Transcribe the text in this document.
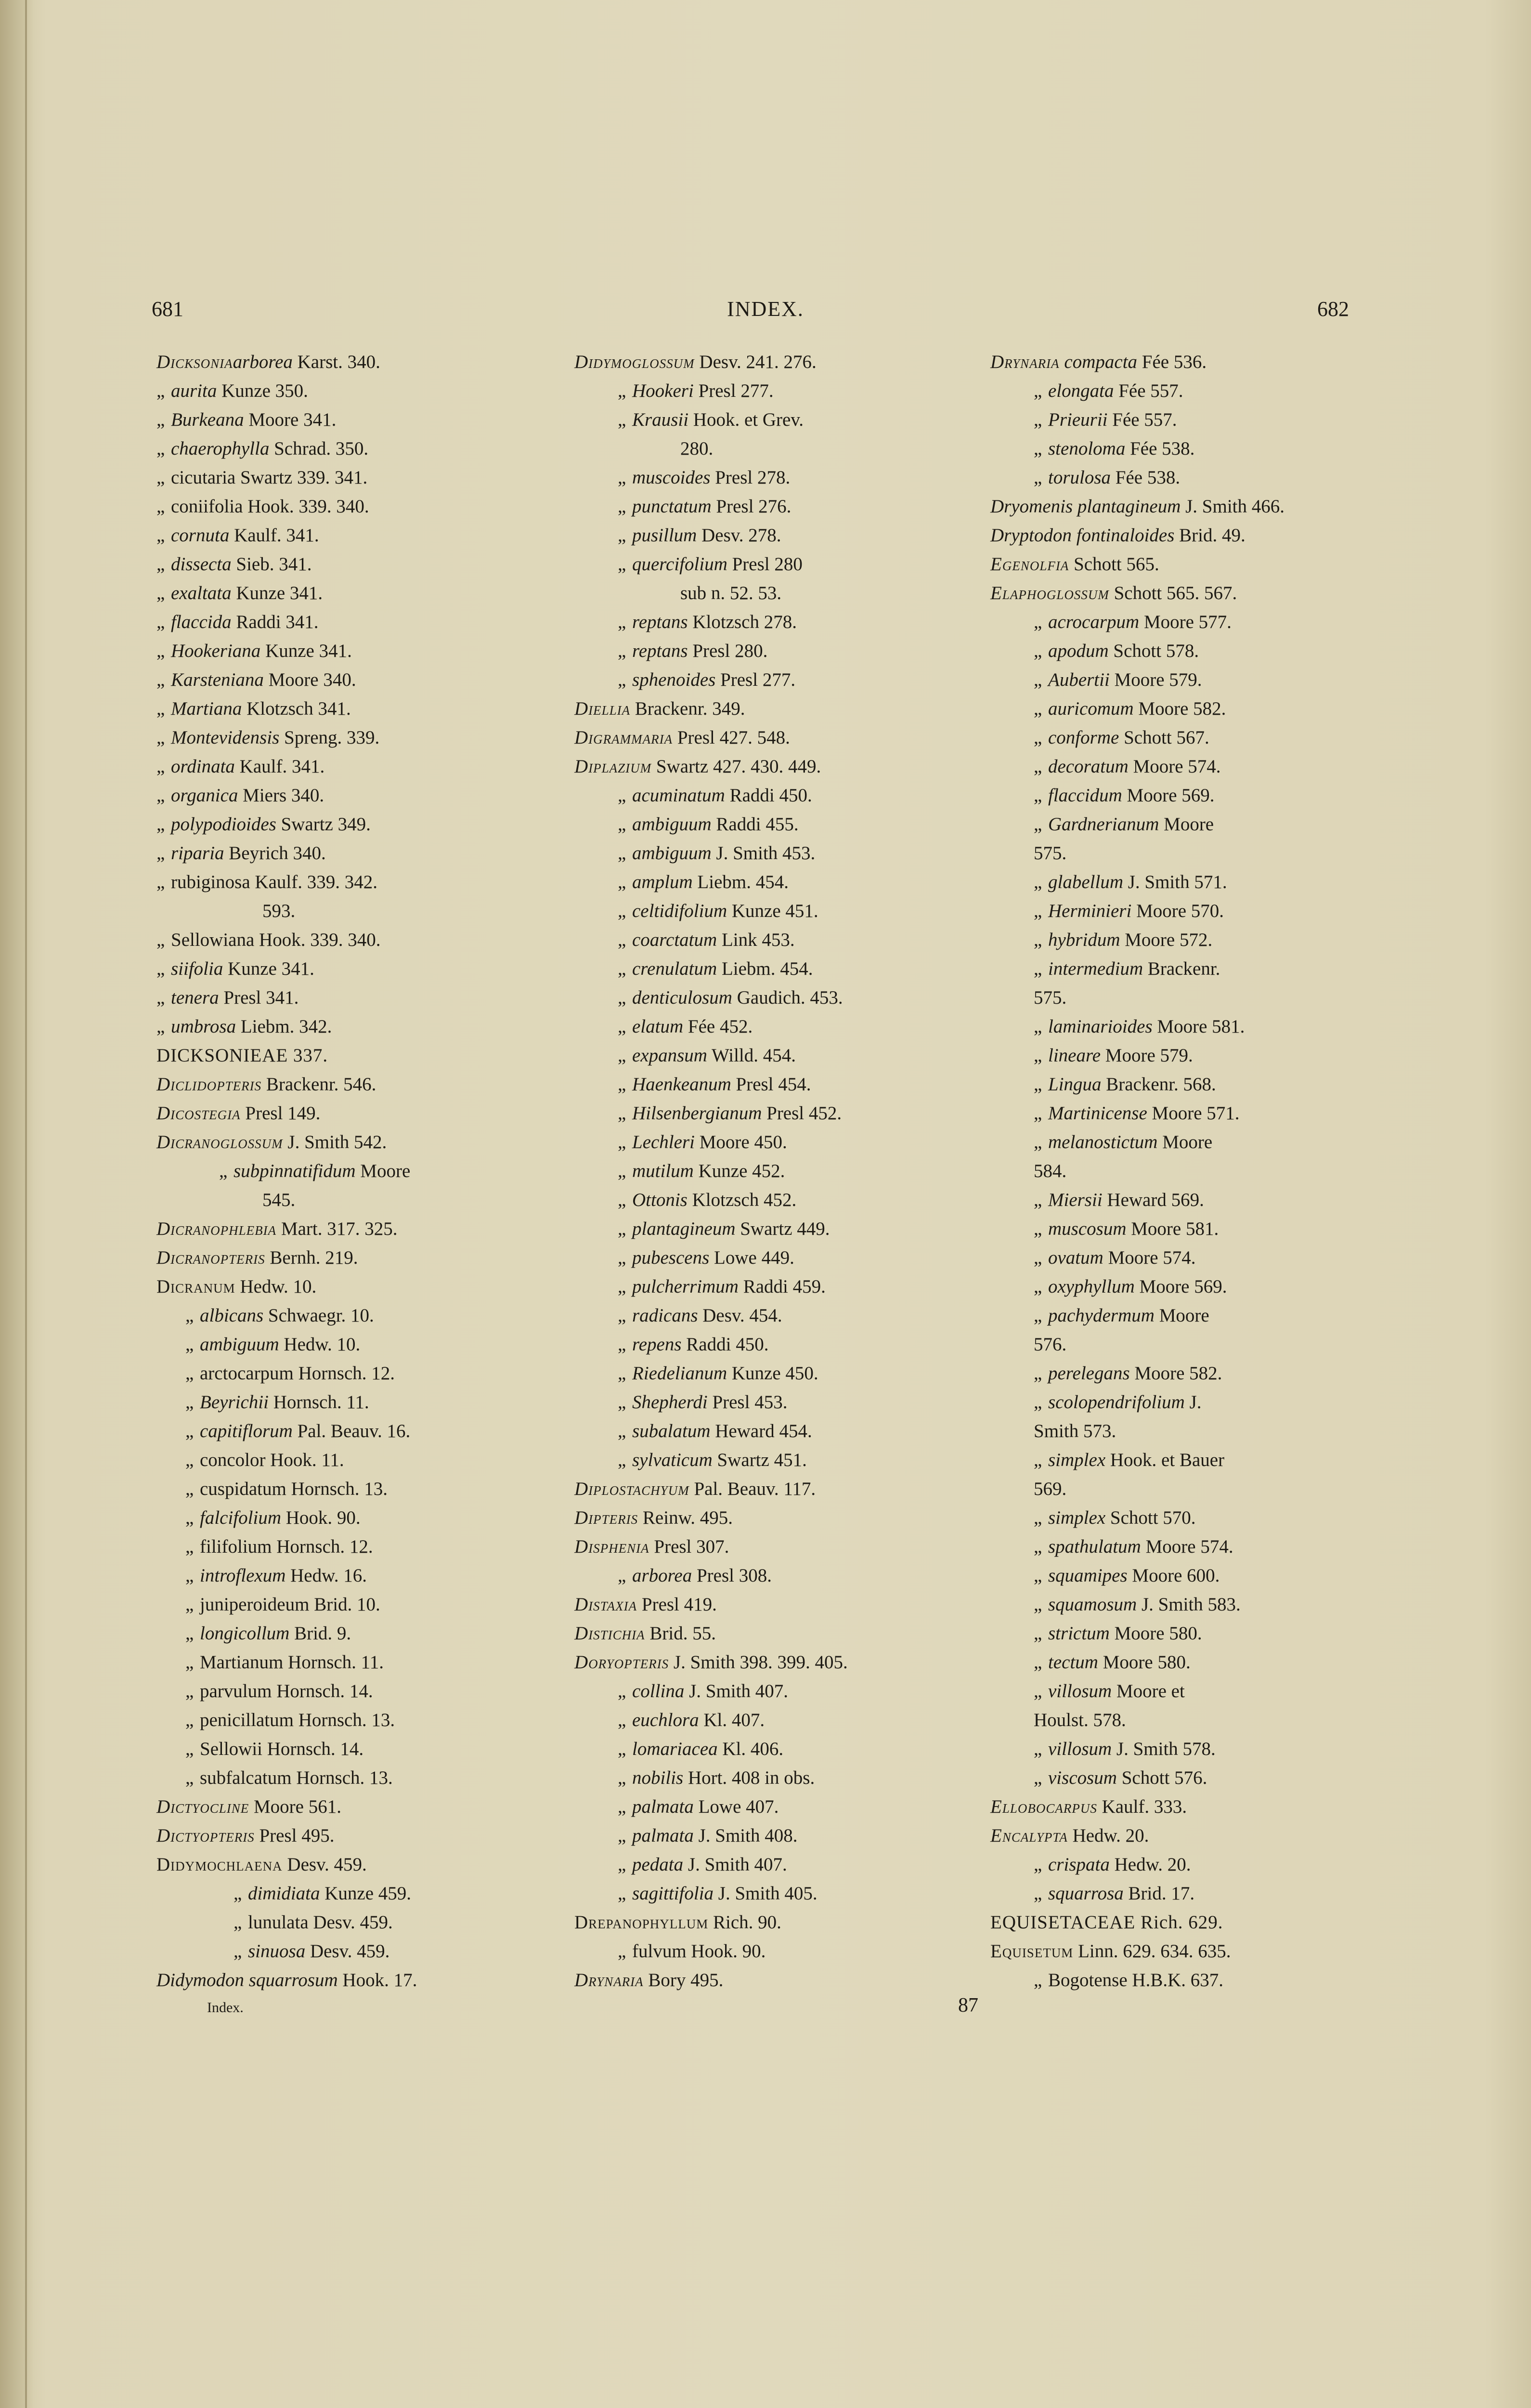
681	INDEX.	682
Dicksoniaarborea Karst. 340.
„ aurita Kunze 350.
„ Burkeana Moore 341.
„ chaerophylla Schrad. 350.
„ cicutaria Swartz 339. 341.
„ coniifolia Hook. 339. 340.
„ cornuta Kaulf. 341.
„ dissecta Sieb. 341.
„ exaltata Kunze 341.
„ flaccida Raddi 341.
„ Hookeriana Kunze 341.
„ Karsteniana Moore 340.
„ Martiana Klotzsch 341.
„ Montevidensis Spreng. 339.
„ ordinata Kaulf. 341.
„ organica Miers 340.
„ polypodioides Swartz 349.
„ riparia Beyrich 340.
„ rubiginosa Kaulf. 339. 342.
593.
„ Sellowiana Hook. 339. 340.
„ siifolia Kunze 341.
„ tenera Presl 341.
„ umbrosa Liebm. 342.
DICKSONIEAE 337.
Diclidopteris Brackenr. 546.
Dicostegia Presl 149.
Dicranoglossum J. Smith 542.
„ subpinnatifidum Moore
545.
Dicranophlebia Mart. 317. 325.
Dicranopteris Bernh. 219.
Dicranum Hedw. 10.
„ albicans Schwaegr. 10.
„ ambiguum Hedw. 10.
„ arctocarpum Hornsch. 12.
„ Beyrichii Hornsch. 11.
„ capitiflorum Pal. Beauv. 16.
„ concolor Hook. 11.
„ cuspidatum Hornsch. 13.
„ falcifolium Hook. 90.
„ filifolium Hornsch. 12.
„ introflexum Hedw. 16.
„ juniperoideum Brid. 10.
„ longicollum Brid. 9.
„ Martianum Hornsch. 11.
„ parvulum Hornsch. 14.
„ penicillatum Hornsch. 13.
„ Sellowii Hornsch. 14.
„ subfalcatum Hornsch. 13.
Dictyocline Moore 561.
Dictyopteris Presl 495.
Didymochlaena Desv. 459.
„ dimidiata Kunze 459.
„ lunulata Desv. 459.
„ sinuosa Desv. 459.
Didymodon squarrosum Hook. 17.
Didymoglossum Desv. 241. 276.
„ Hookeri Presl 277.
„ Krausii Hook. et Grev.
280.
„ muscoides Presl 278.
„ punctatum Presl 276.
„ pusillum Desv. 278.
„ quercifolium Presl 280
sub n. 52. 53.
„ reptans Klotzsch 278.
„ reptans Presl 280.
„ sphenoides Presl 277.
Diellia Brackenr. 349.
Digrammaria Presl 427. 548.
Diplazium Swartz 427. 430. 449.
„ acuminatum Raddi 450.
„ ambiguum Raddi 455.
„ ambiguum J. Smith 453.
„ amplum Liebm. 454.
„ celtidifolium Kunze 451.
„ coarctatum Link 453.
„ crenulatum Liebm. 454.
„ denticulosum Gaudich. 453.
„ elatum Fée 452.
„ expansum Willd. 454.
„ Haenkeanum Presl 454.
„ Hilsenbergianum Presl 452.
„ Lechleri Moore 450.
„ mutilum Kunze 452.
„ Ottonis Klotzsch 452.
„ plantagineum Swartz 449.
„ pubescens Lowe 449.
„ pulcherrimum Raddi 459.
„ radicans Desv. 454.
„ repens Raddi 450.
„ Riedelianum Kunze 450.
„ Shepherdi Presl 453.
„ subalatum Heward 454.
„ sylvaticum Swartz 451.
Diplostachyum Pal. Beauv. 117.
Dipteris Reinw. 495.
Disphenia Presl 307.
„ arborea Presl 308.
Distaxia Presl 419.
Distichia Brid. 55.
Doryopteris J. Smith 398. 399. 405.
„ collina J. Smith 407.
„ euchlora Kl. 407.
„ lomariacea Kl. 406.
„ nobilis Hort. 408 in obs.
„ palmata Lowe 407.
„ palmata J. Smith 408.
„ pedata J. Smith 407.
„ sagittifolia J. Smith 405.
Drepanophyllum Rich. 90.
„ fulvum Hook. 90.
Drynaria Bory 495.
Drynaria compacta Fée 536.
„ elongata Fée 557.
„ Prieurii Fée 557.
„ stenoloma Fée 538.
„ torulosa Fée 538.
Dryomenis plantagineum J. Smith 466.
Dryptodon fontinaloides Brid. 49.
Egenolfia Schott 565.
Elaphoglossum Schott 565. 567.
„ acrocarpum Moore 577.
„ apodum Schott 578.
„ Aubertii Moore 579.
„ auricomum Moore 582.
„ conforme Schott 567.
„ decoratum Moore 574.
„ flaccidum Moore 569.
„ Gardnerianum Moore
575.
„ glabellum J. Smith 571.
„ Herminieri Moore 570.
„ hybridum Moore 572.
„ intermedium Brackenr.
575.
„ laminarioides Moore 581.
„ lineare Moore 579.
„ Lingua Brackenr. 568.
„ Martinicense Moore 571.
„ melanostictum Moore
584.
„ Miersii Heward 569.
„ muscosum Moore 581.
„ ovatum Moore 574.
„ oxyphyllum Moore 569.
„ pachydermum Moore
576.
„ perelegans Moore 582.
„ scolopendrifolium J.
Smith 573.
„ simplex Hook. et Bauer
569.
„ simplex Schott 570.
„ spathulatum Moore 574.
„ squamipes Moore 600.
„ squamosum J. Smith 583.
„ strictum Moore 580.
„ tectum Moore 580.
„ villosum Moore et
Houlst. 578.
„ villosum J. Smith 578.
„ viscosum Schott 576.
Ellobocarpus Kaulf. 333.
Encalypta Hedw. 20.
„ crispata Hedw. 20.
„ squarrosa Brid. 17.
EQUISETACEAE Rich. 629.
Equisetum Linn. 629. 634. 635.
„ Bogotense H.B.K. 637.
Index.	87
